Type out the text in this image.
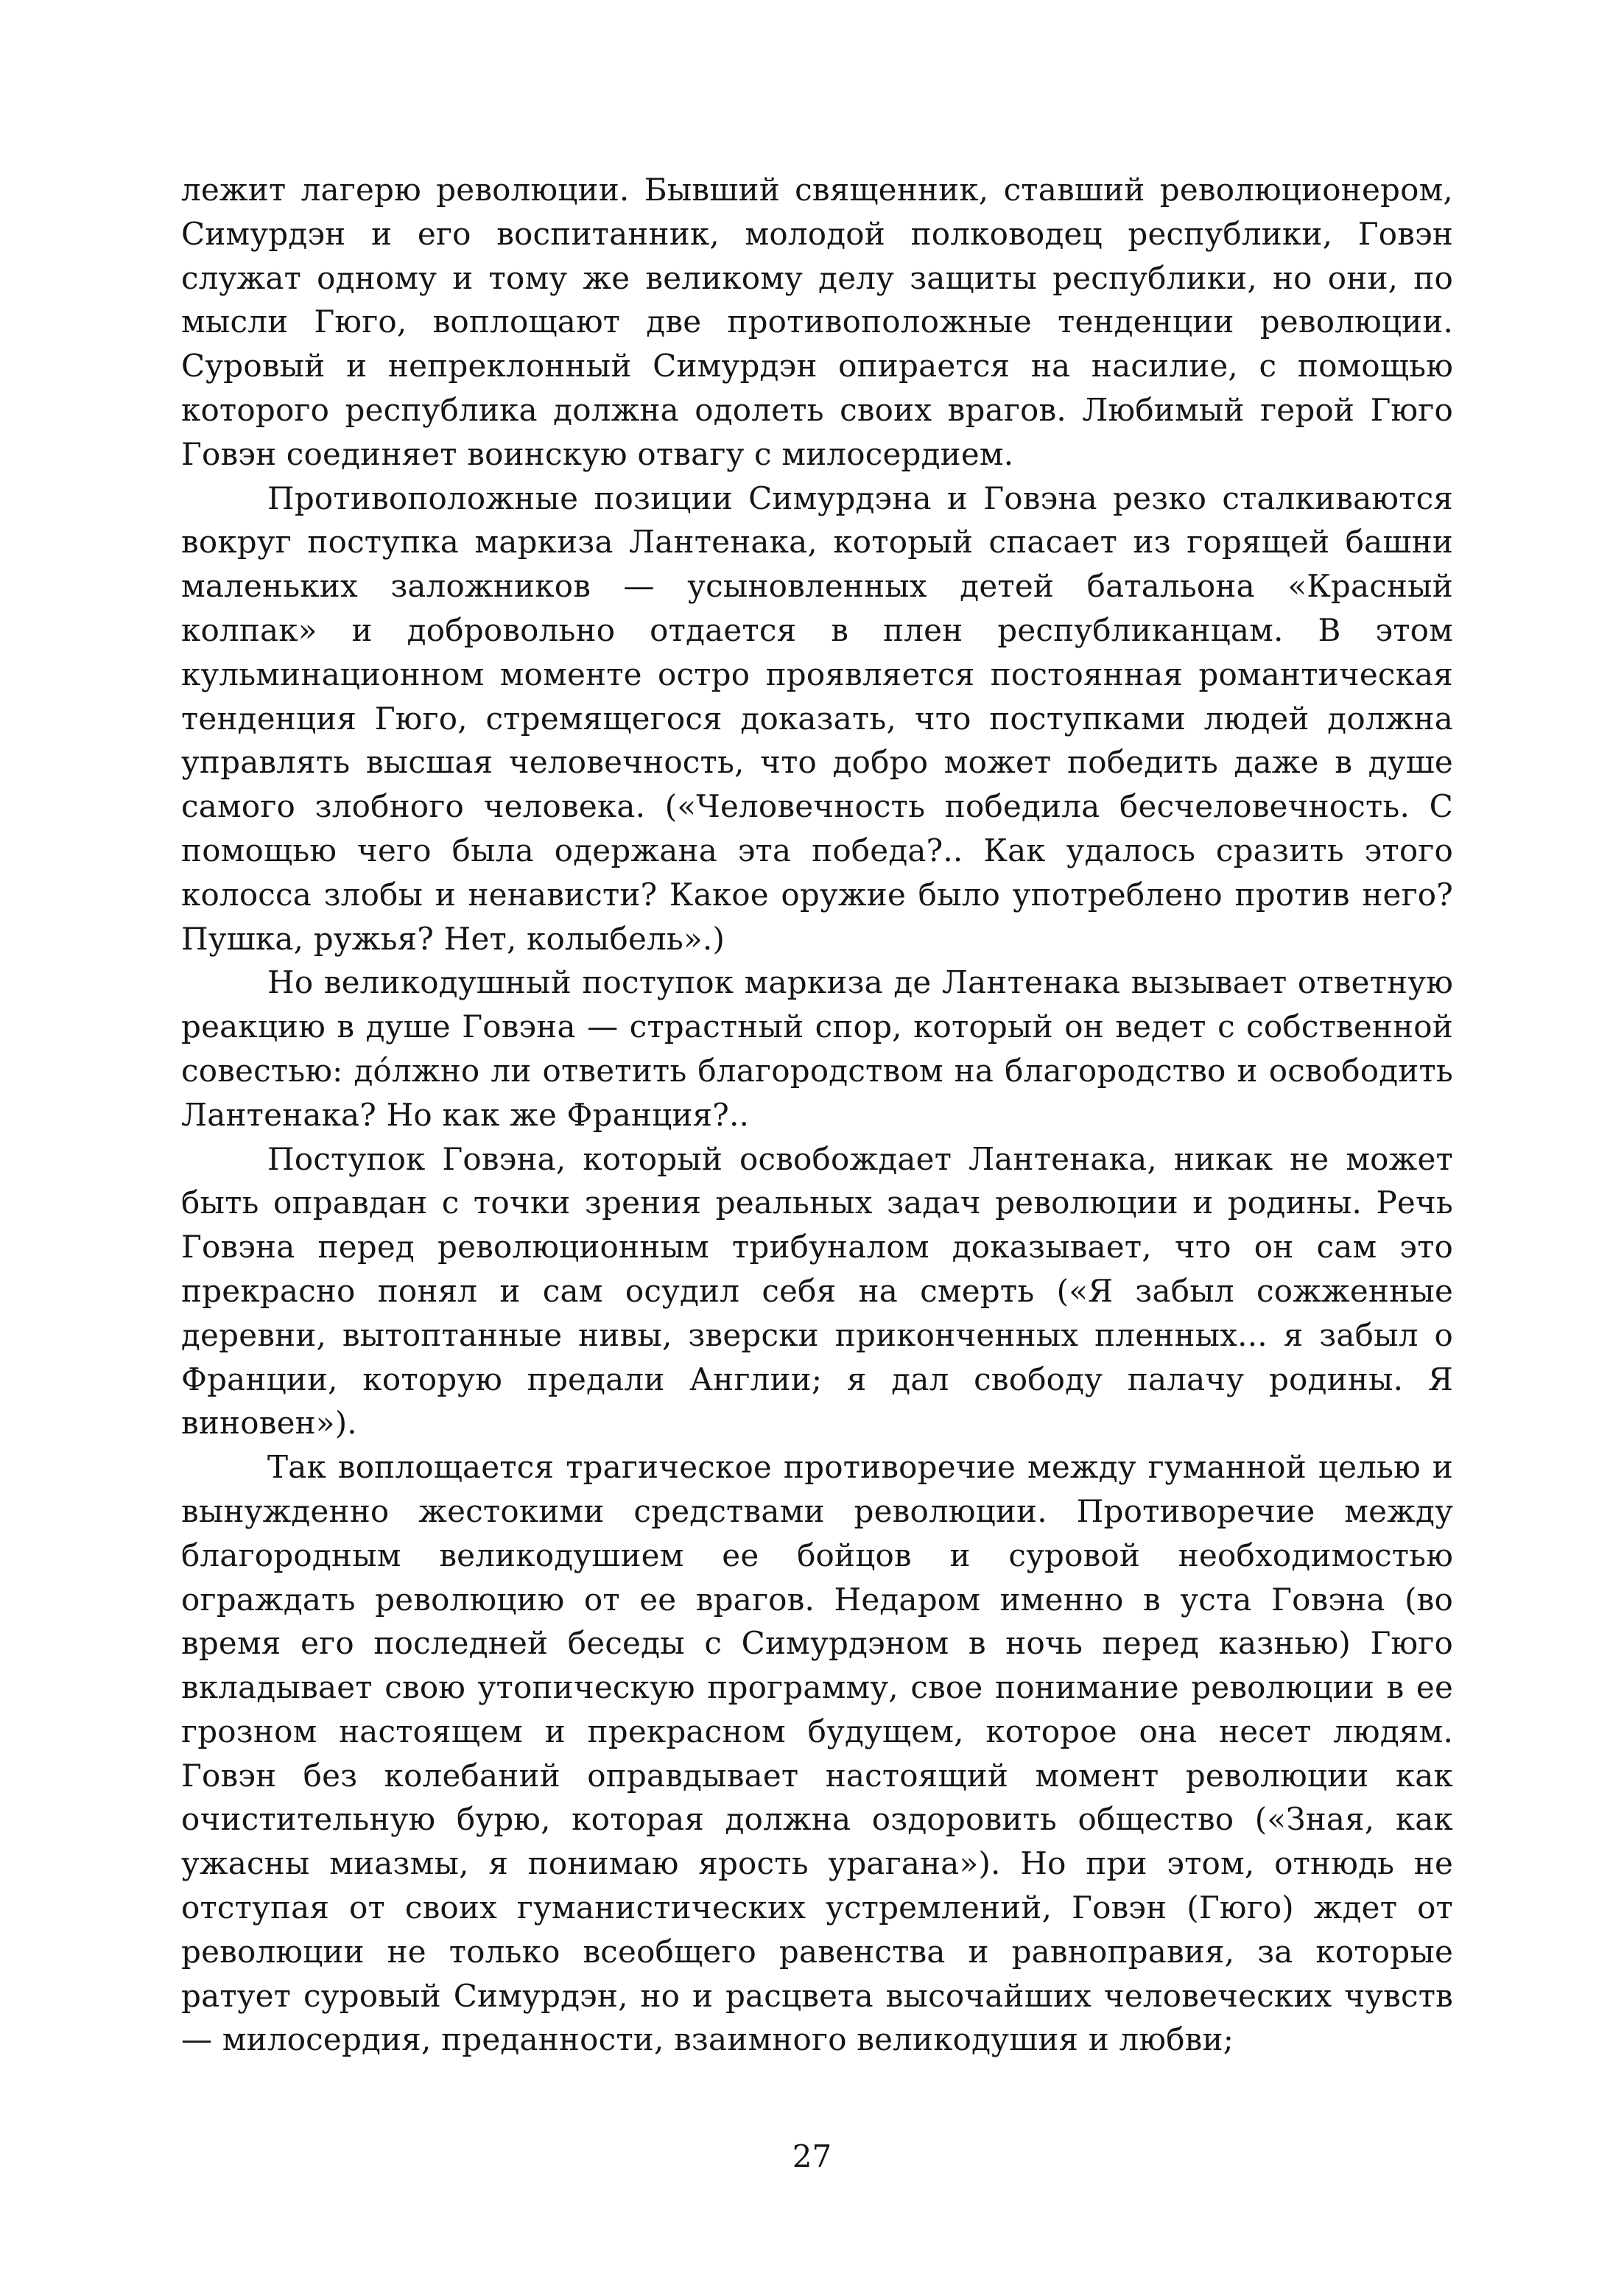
лежит лагерю революции. Бывший священник, ставший революционером, Симурдэн и его воспитанник, молодой полководец республики, Говэн служат одному и тому же великому делу защиты республики, но они, по мысли Гюго, воплощают две противоположные тенденции революции. Суровый и непреклонный Симурдэн опирается на насилие, с помощью которого республика должна одолеть своих врагов. Любимый герой Гюго Говэн соединяет воинскую отвагу с милосердием.

Противоположные позиции Симурдэна и Говэна резко сталкиваются вокруг поступка маркиза Лантенака, который спасает из горящей башни маленьких заложников — усыновленных детей батальона «Красный колпак» и добровольно отдается в плен республиканцам. В этом кульминационном моменте остро проявляется постоянная романтическая тенденция Гюго, стремящегося доказать, что поступками людей должна управлять высшая человечность, что добро может победить даже в душе самого злобного человека. («Человечность победила бесчеловечность. С помощью чего была одержана эта победа?.. Как удалось сразить этого колосса злобы и ненависти? Какое оружие было употреблено против него? Пушка, ружья? Нет, колыбель».)

Но великодушный поступок маркиза де Лантенака вызывает ответную реакцию в душе Говэна — страстный спор, который он ведет с собственной совестью: дóлжно ли ответить благородством на благородство и освободить Лантенака? Но как же Франция?..

Поступок Говэна, который освобождает Лантенака, никак не может быть оправдан с точки зрения реальных задач революции и родины. Речь Говэна перед революционным трибуналом доказывает, что он сам это прекрасно понял и сам осудил себя на смерть («Я забыл сожженные деревни, вытоптанные нивы, зверски приконченных пленных... я забыл о Франции, которую предали Англии; я дал свободу палачу родины. Я виновен»).

Так воплощается трагическое противоречие между гуманной целью и вынужденно жестокими средствами революции. Противоречие между благородным великодушием ее бойцов и суровой необходимостью ограждать революцию от ее врагов. Недаром именно в уста Говэна (во время его последней беседы с Симурдэном в ночь перед казнью) Гюго вкладывает свою утопическую программу, свое понимание революции в ее грозном настоящем и прекрасном будущем, которое она несет людям. Говэн без колебаний оправдывает настоящий момент революции как очистительную бурю, которая должна оздоровить общество («Зная, как ужасны миазмы, я понимаю ярость урагана»). Но при этом, отнюдь не отступая от своих гуманистических устремлений, Говэн (Гюго) ждет от революции не только всеобщего равенства и равноправия, за которые ратует суровый Симурдэн, но и расцвета высочайших человеческих чувств — милосердия, преданности, взаимного великодушия и любви;

27
